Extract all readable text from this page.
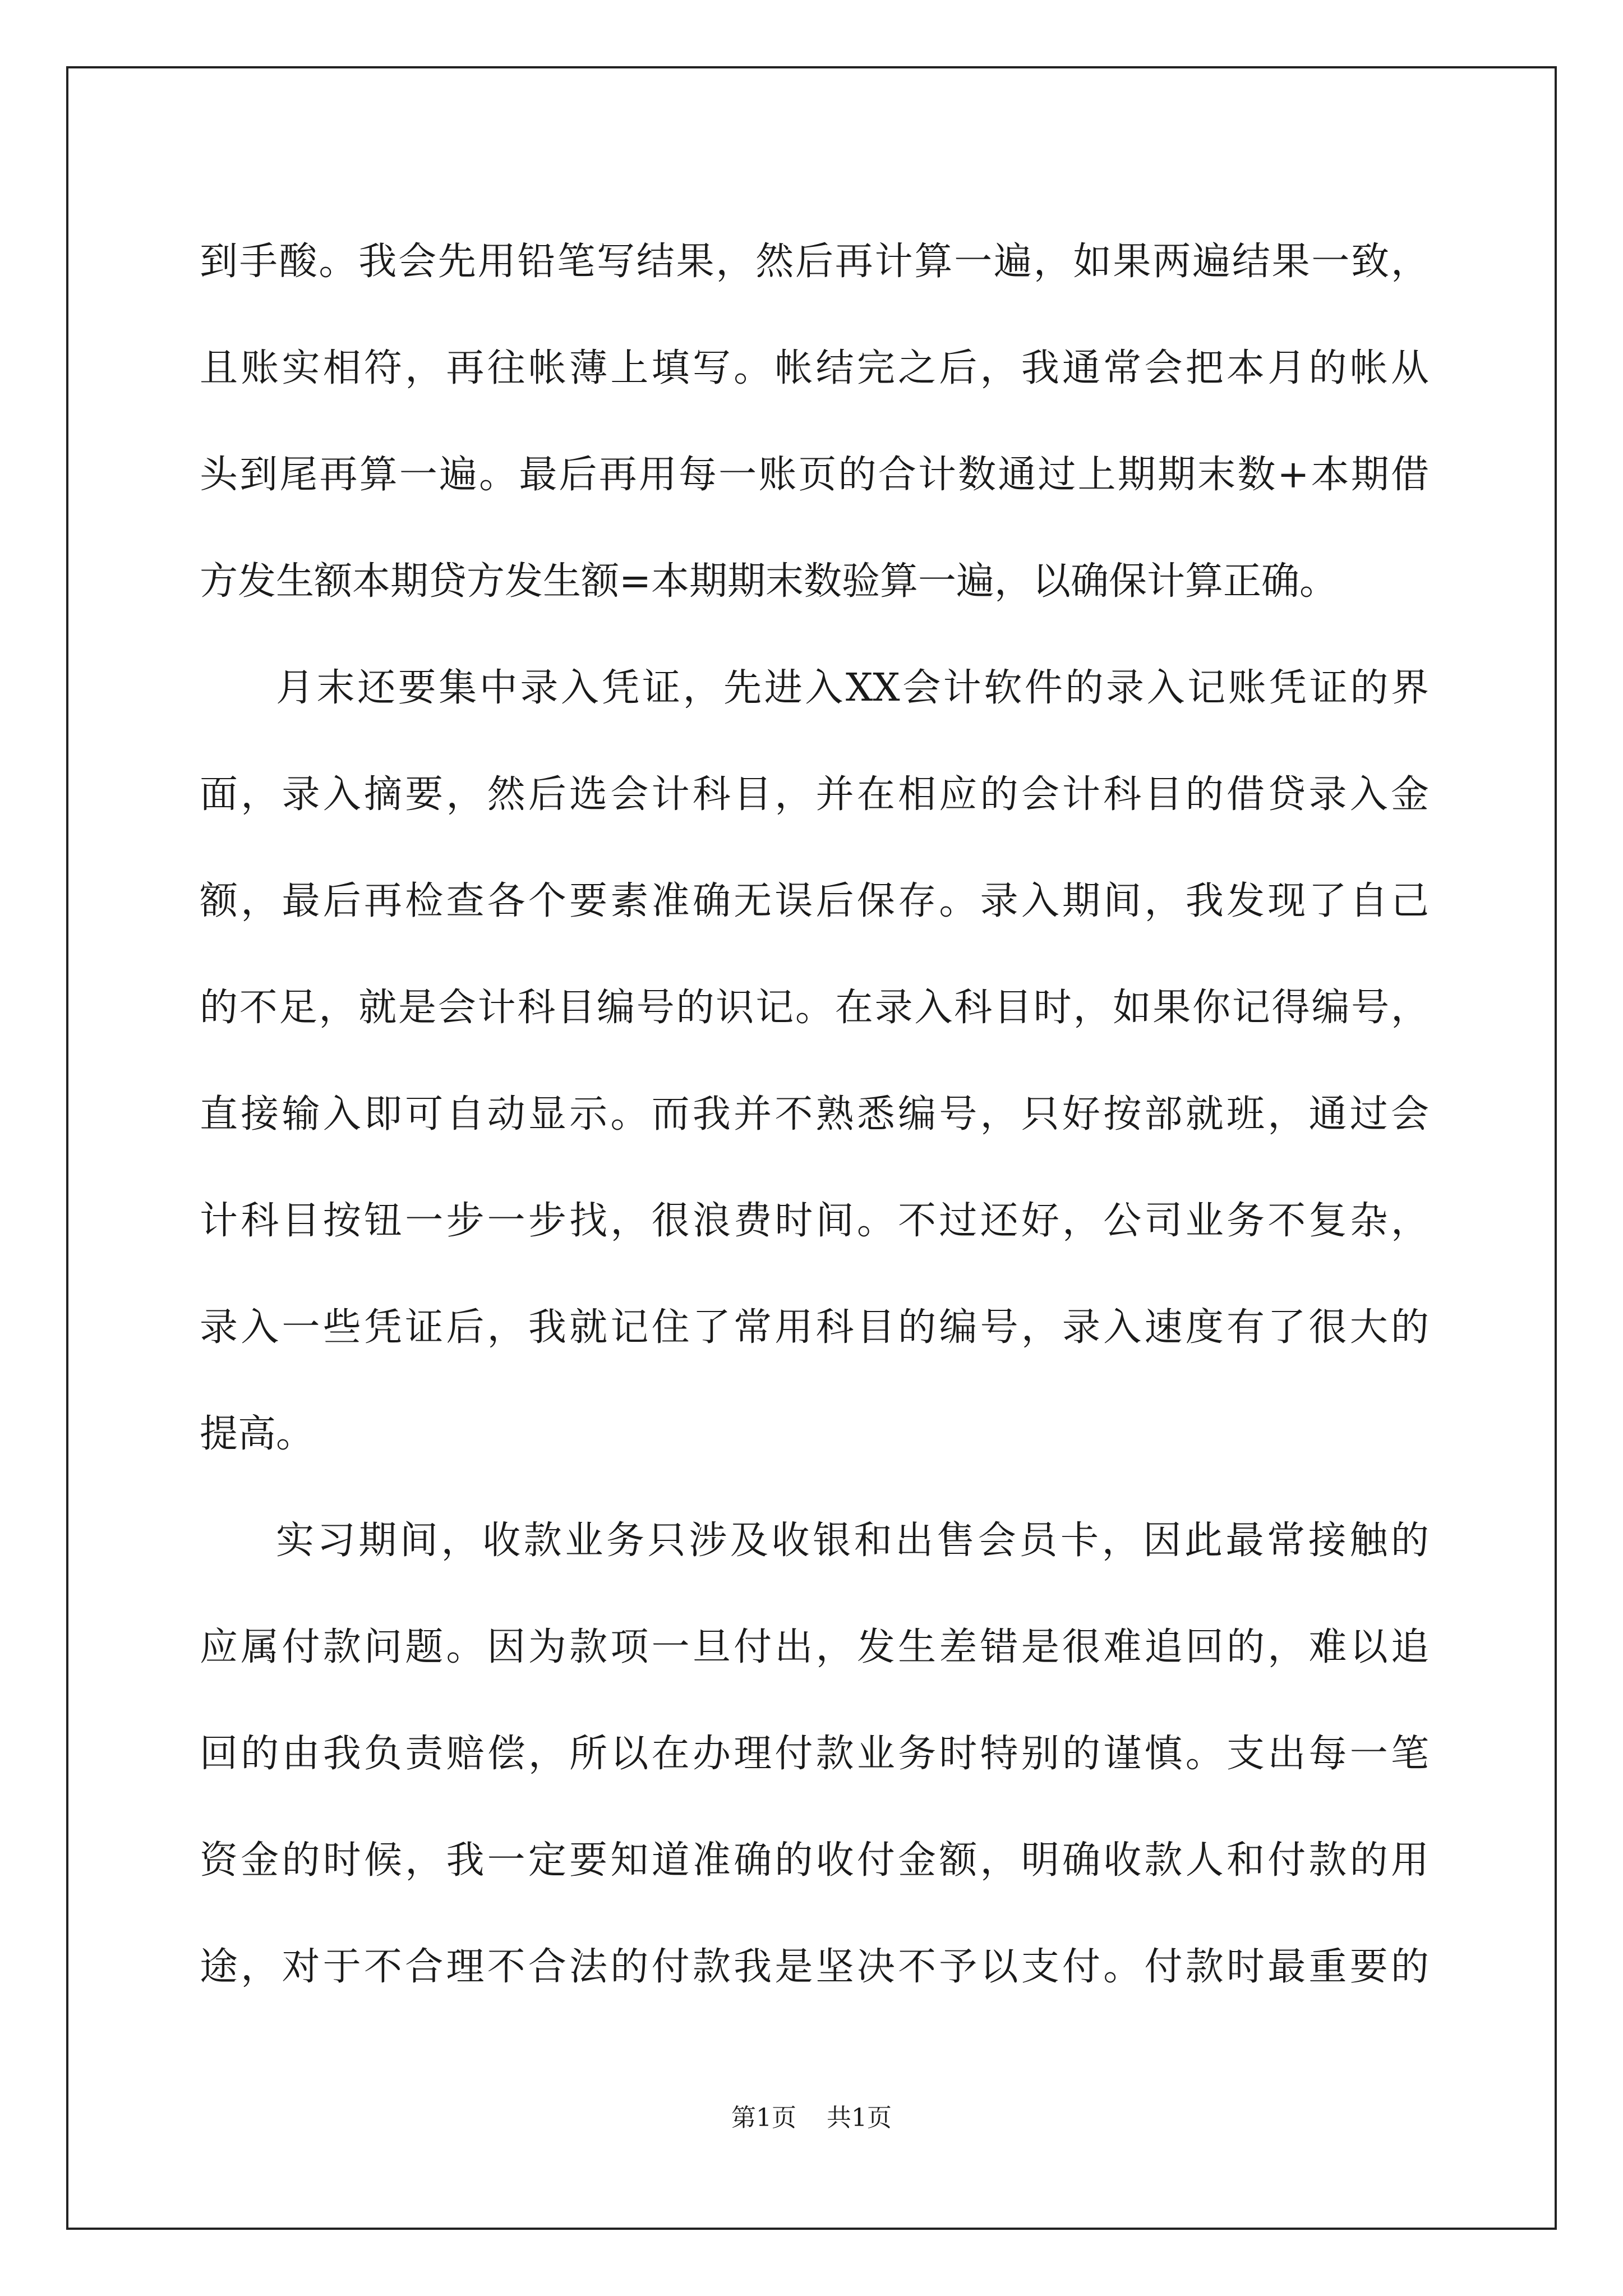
到手酸。我会先用铅笔写结果，然后再计算一遍，如果两遍结果一致，
且账实相符，再往帐薄上填写。帐结完之后，我通常会把本月的帐从
头到尾再算一遍。最后再用每一账页的合计数通过上期期末数+本期借
方发生额本期贷方发生额=本期期末数验算一遍，以确保计算正确。
月末还要集中录入凭证，先进入XX会计软件的录入记账凭证的界
面，录入摘要，然后选会计科目，并在相应的会计科目的借贷录入金
额，最后再检查各个要素准确无误后保存。录入期间，我发现了自己
的不足，就是会计科目编号的识记。在录入科目时，如果你记得编号，
直接输入即可自动显示。而我并不熟悉编号，只好按部就班，通过会
计科目按钮一步一步找，很浪费时间。不过还好，公司业务不复杂，
录入一些凭证后，我就记住了常用科目的编号，录入速度有了很大的
提高。
实习期间，收款业务只涉及收银和出售会员卡，因此最常接触的
应属付款问题。因为款项一旦付出，发生差错是很难追回的，难以追
回的由我负责赔偿，所以在办理付款业务时特别的谨慎。支出每一笔
资金的时候，我一定要知道准确的收付金额，明确收款人和付款的用
途，对于不合理不合法的付款我是坚决不予以支付。付款时最重要的
第1页 共1页
